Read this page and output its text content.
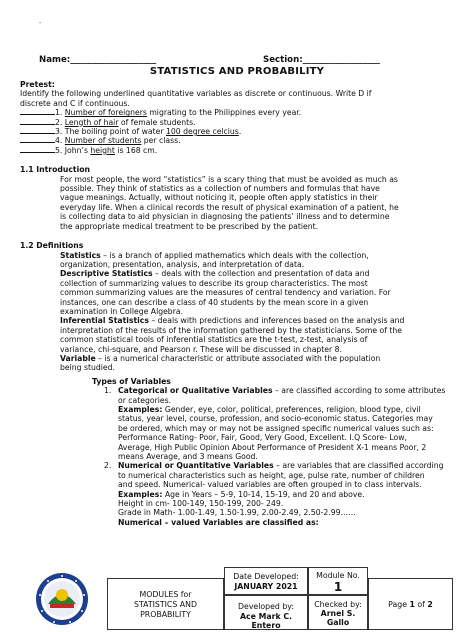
-
Name:____________________	Section:__________________
STATISTICS AND PROBABILITY
Pretest:
Identify the following underlined quantitative variables as discrete or continuous. Write D if
discrete and C if continuous.
1. Number of foreigners migrating to the Philippines every year.
2. Length of hair of female students.
3. The boiling point of water 100 degree celcius.
4. Number of students per class.
5. John’s height is 168 cm.
1.1 Introduction
For most people, the word “statistics” is a scary thing that must be avoided as much as
possible. They think of statistics as a collection of numbers and formulas that have
vague meanings. Actually, without noticing it, people often apply statistics in their
everyday life. When a clinical records the result of physical examination of a patient, he
is collecting data to aid physician in diagnosing the patients’ illness and to determine
the appropriate medical treatment to be prescribed by the patient.
1.2 Definitions
Statistics – is a branch of applied mathematics which deals with the collection,
organization, presentation, analysis, and interpretation of data.
Descriptive Statistics – deals with the collection and presentation of data and
collection of summarizing values to describe its group characteristics. The most
common summarizing values are the measures of central tendency and variation. For
instances, one can describe a class of 40 students by the mean score in a given
examination in College Algebra.
Inferential Statistics – deals with predictions and inferences based on the analysis and
interpretation of the results of the information gathered by the statisticians. Some of the
common statistical tools of inferential statistics are the t-test, z-test, analysis of
variance, chi-square, and Pearson r. These will be discussed in chapter 8.
Variable – is a numerical characteristic or attribute associated with the population
being studied.
Types of Variables
1. Categorical or Qualitative Variables – are classified according to some attributes
or categories.
Examples: Gender, eye, color, political, preferences, religion, blood type, civil
status, year level, course, profession, and socio-economic status. Categories may
be ordered, which may or may not be assigned specific numerical values such as:
Performance Rating- Poor, Fair, Good, Very Good, Excellent. I.Q Score- Low,
Average, High Public Opinion About Performance of President X-1 means Poor, 2
means Average, and 3 means Good.
2. Numerical or Quantitative Variables – are variables that are classified according
to numerical characteristics such as height, age, pulse rate, number of children
and speed. Numerical- valued variables are often grouped in to class intervals.
Examples: Age in Years – 5-9, 10-14, 15-19, and 20 and above.
Height in cm- 100-149, 150-199, 200- 249.
Grade in Math- 1.00-1.49, 1.50-1.99, 2.00-2.49, 2.50-2.99……
Numerical – valued Variables are classified as:
MODULES for
STATISTICS AND
PROBABILITY
Date Developed:
JANUARY 2021
Developed by:
Ace Mark C. Entero
Module No.
1
Checked by:
Arnel S.
Gallo
Page 1 of 2
